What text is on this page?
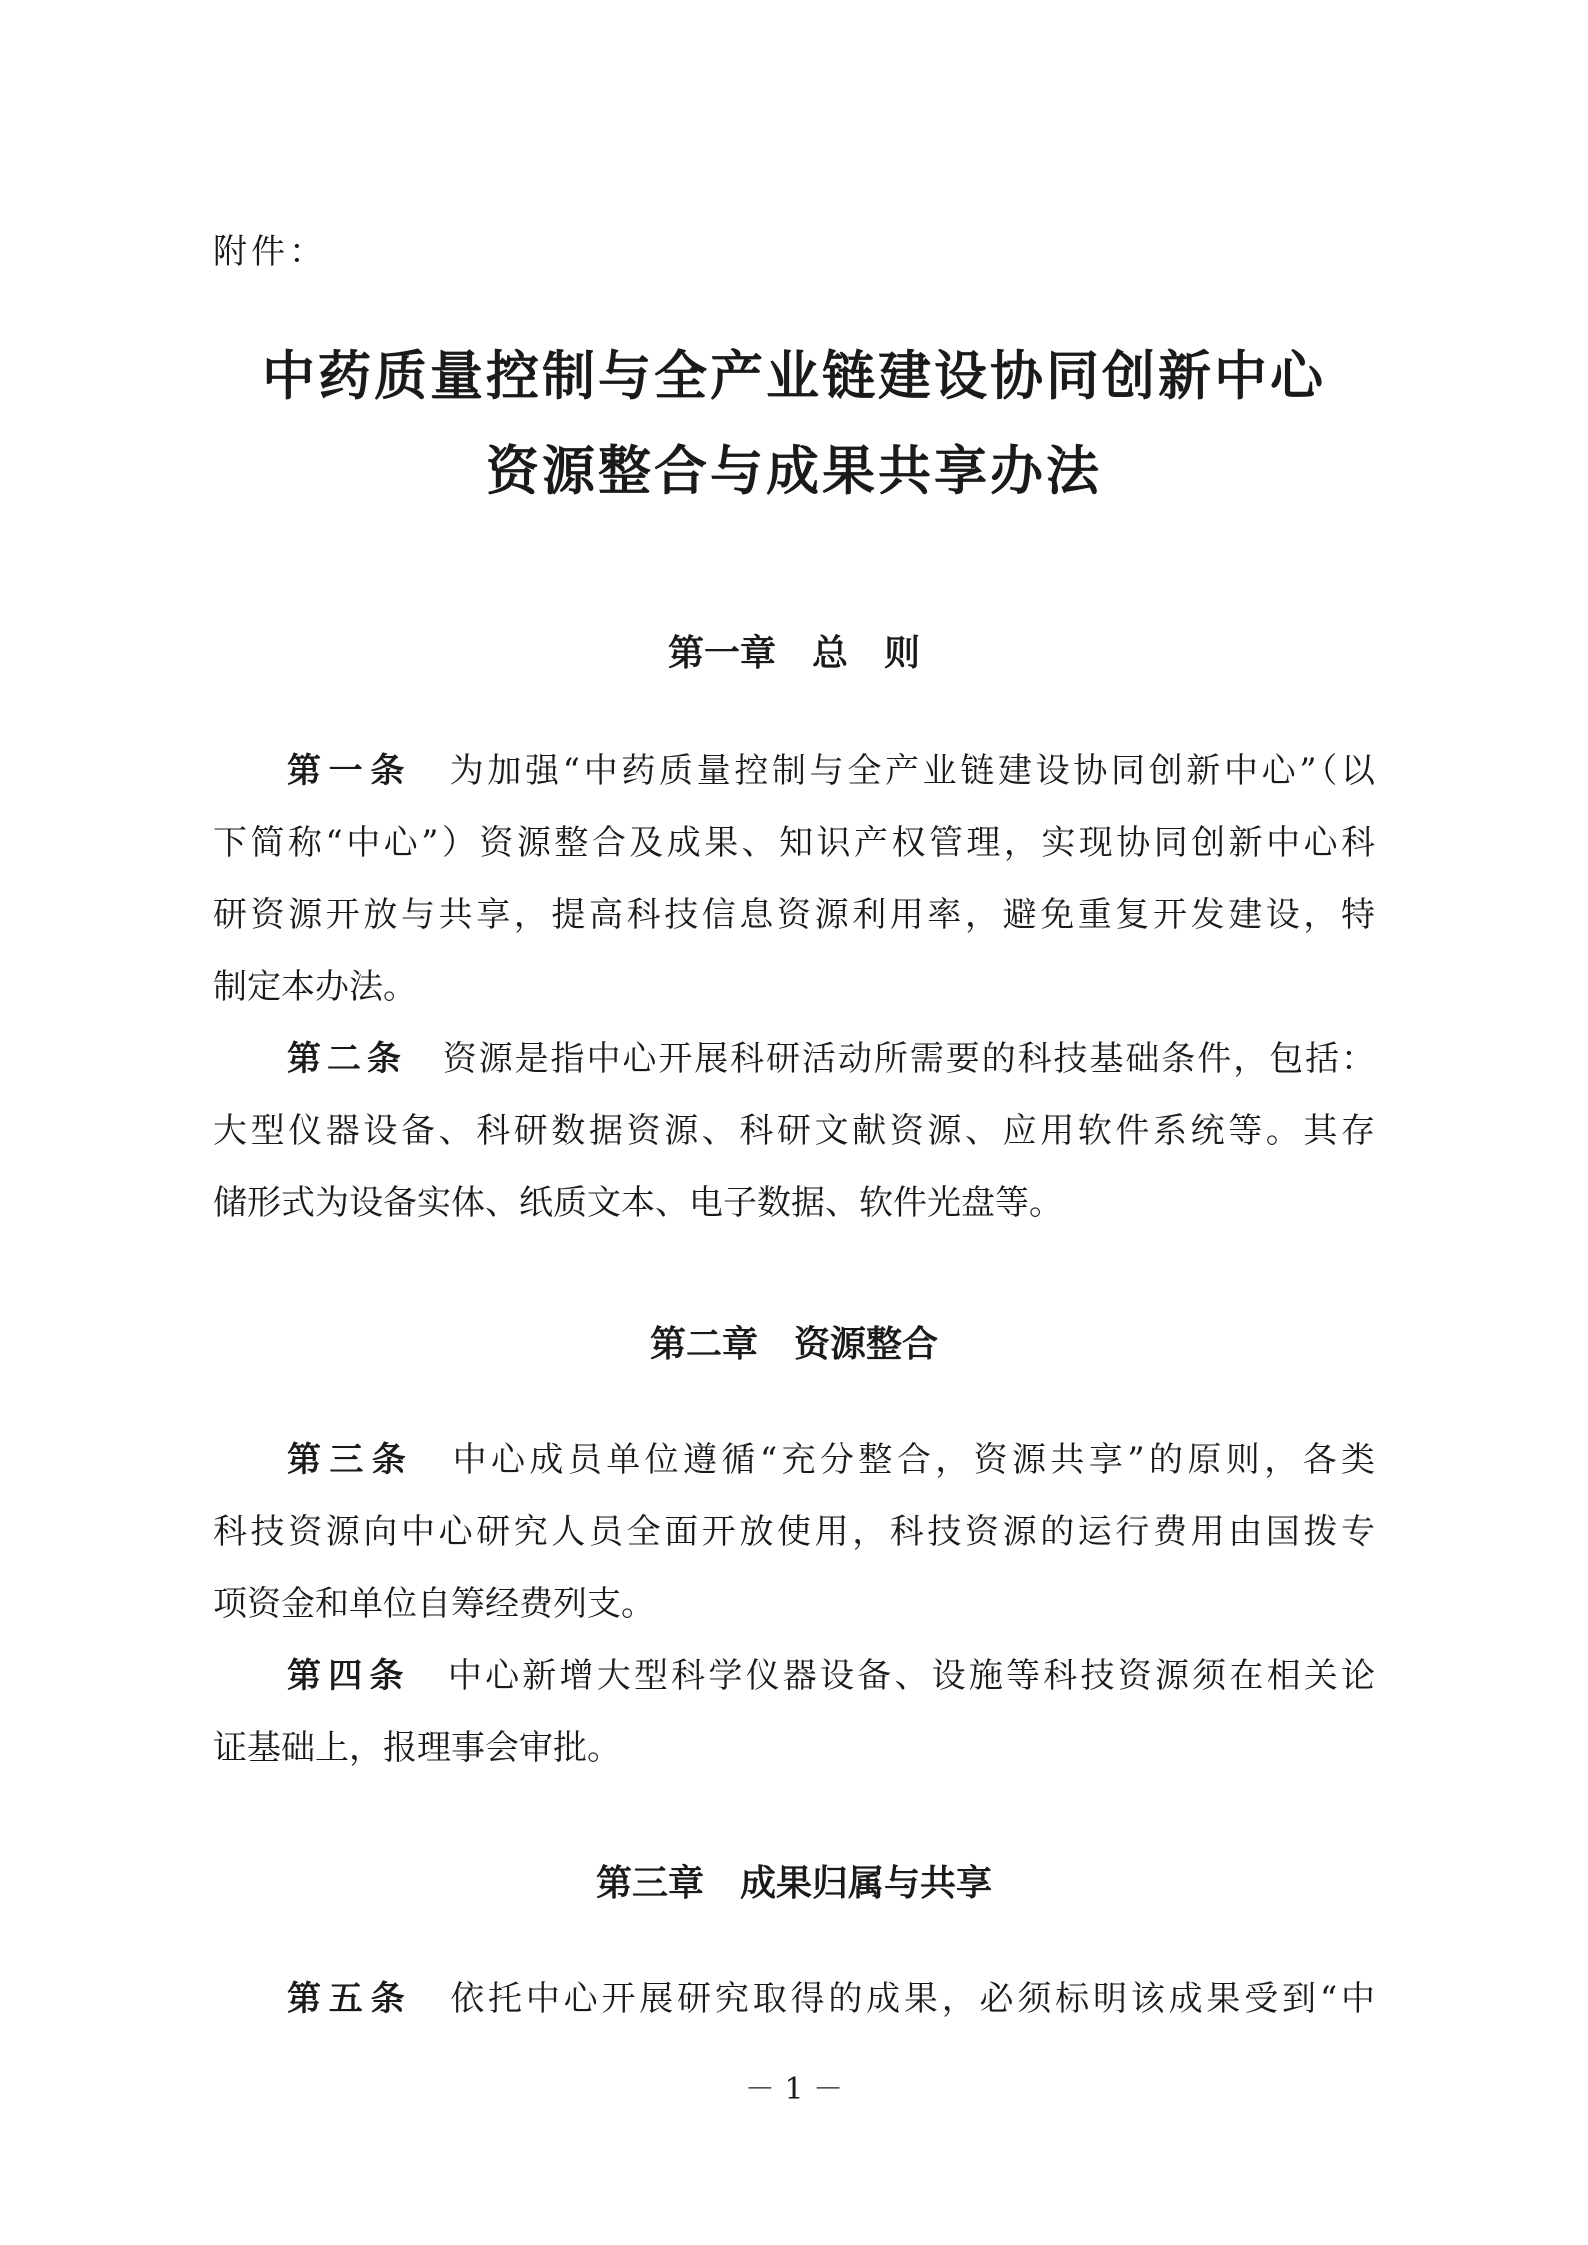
附件：
中药质量控制与全产业链建设协同创新中心
资源整合与成果共享办法
第一章　总　则
第一条　为加强“中药质量控制与全产业链建设协同创新中心”（以
下简称“中心”）资源整合及成果、知识产权管理，实现协同创新中心科
研资源开放与共享，提高科技信息资源利用率，避免重复开发建设，特
制定本办法。
第二条　资源是指中心开展科研活动所需要的科技基础条件，包括：
大型仪器设备、科研数据资源、科研文献资源、应用软件系统等。其存
储形式为设备实体、纸质文本、电子数据、软件光盘等。
第二章　资源整合
第三条　中心成员单位遵循“充分整合，资源共享”的原则，各类
科技资源向中心研究人员全面开放使用，科技资源的运行费用由国拨专
项资金和单位自筹经费列支。
第四条　中心新增大型科学仪器设备、设施等科技资源须在相关论
证基础上，报理事会审批。
第三章　成果归属与共享
第五条　依托中心开展研究取得的成果，必须标明该成果受到“中
－ 1 －
